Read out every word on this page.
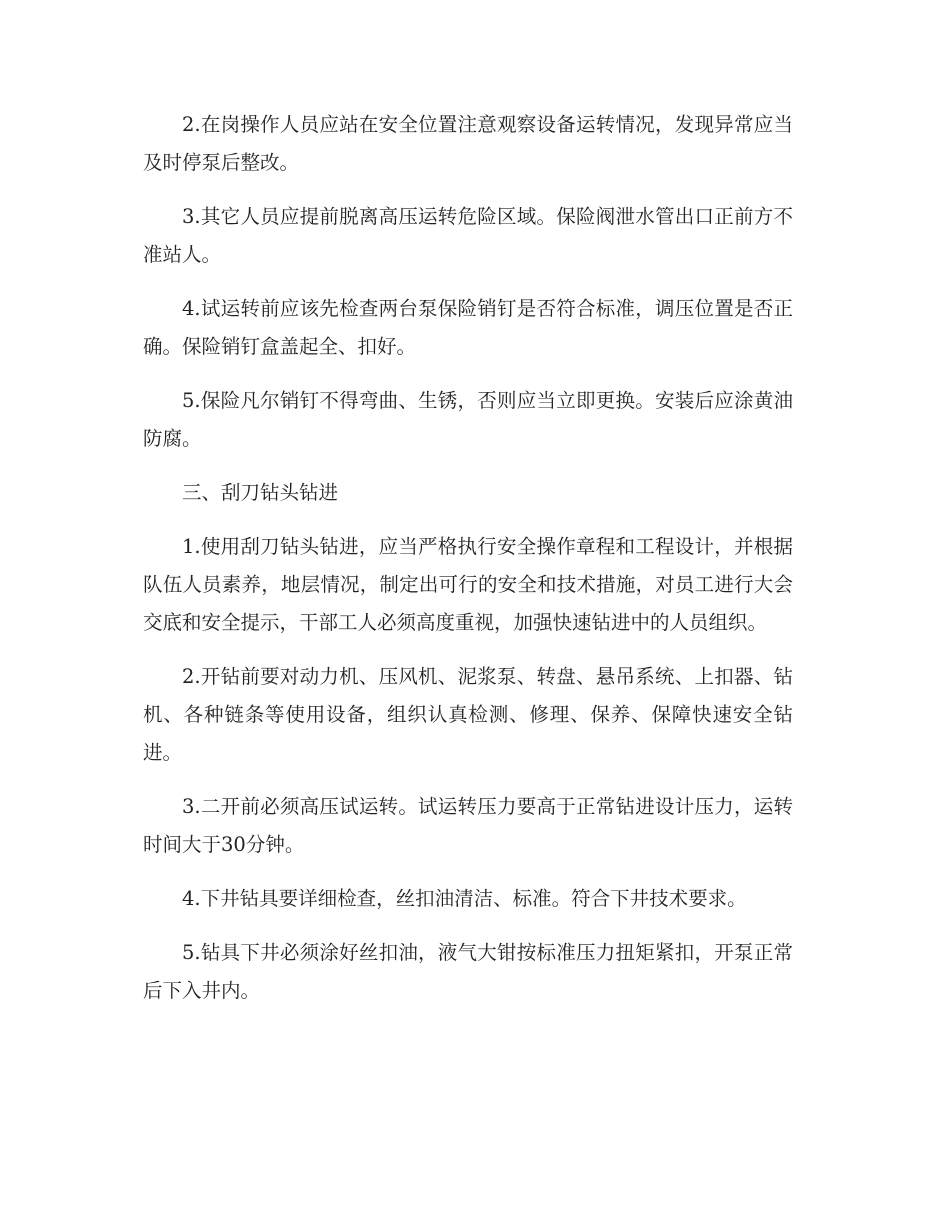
2.在岗操作人员应站在安全位置注意观察设备运转情况，发现异常应当及时停泵后整改。

3.其它人员应提前脱离高压运转危险区域。保险阀泄水管出口正前方不准站人。

4.试运转前应该先检查两台泵保险销钉是否符合标准，调压位置是否正确。保险销钉盒盖起全、扣好。

5.保险凡尔销钉不得弯曲、生锈，否则应当立即更换。安装后应涂黄油防腐。

三、刮刀钻头钻进

1.使用刮刀钻头钻进，应当严格执行安全操作章程和工程设计，并根据队伍人员素养，地层情况，制定出可行的安全和技术措施，对员工进行大会交底和安全提示，干部工人必须高度重视，加强快速钻进中的人员组织。

2.开钻前要对动力机、压风机、泥浆泵、转盘、悬吊系统、上扣器、钻机、各种链条等使用设备，组织认真检测、修理、保养、保障快速安全钻进。

3.二开前必须高压试运转。试运转压力要高于正常钻进设计压力，运转时间大于30分钟。

4.下井钻具要详细检查，丝扣油清洁、标准。符合下井技术要求。

5.钻具下井必须涂好丝扣油，液气大钳按标准压力扭矩紧扣，开泵正常后下入井内。
